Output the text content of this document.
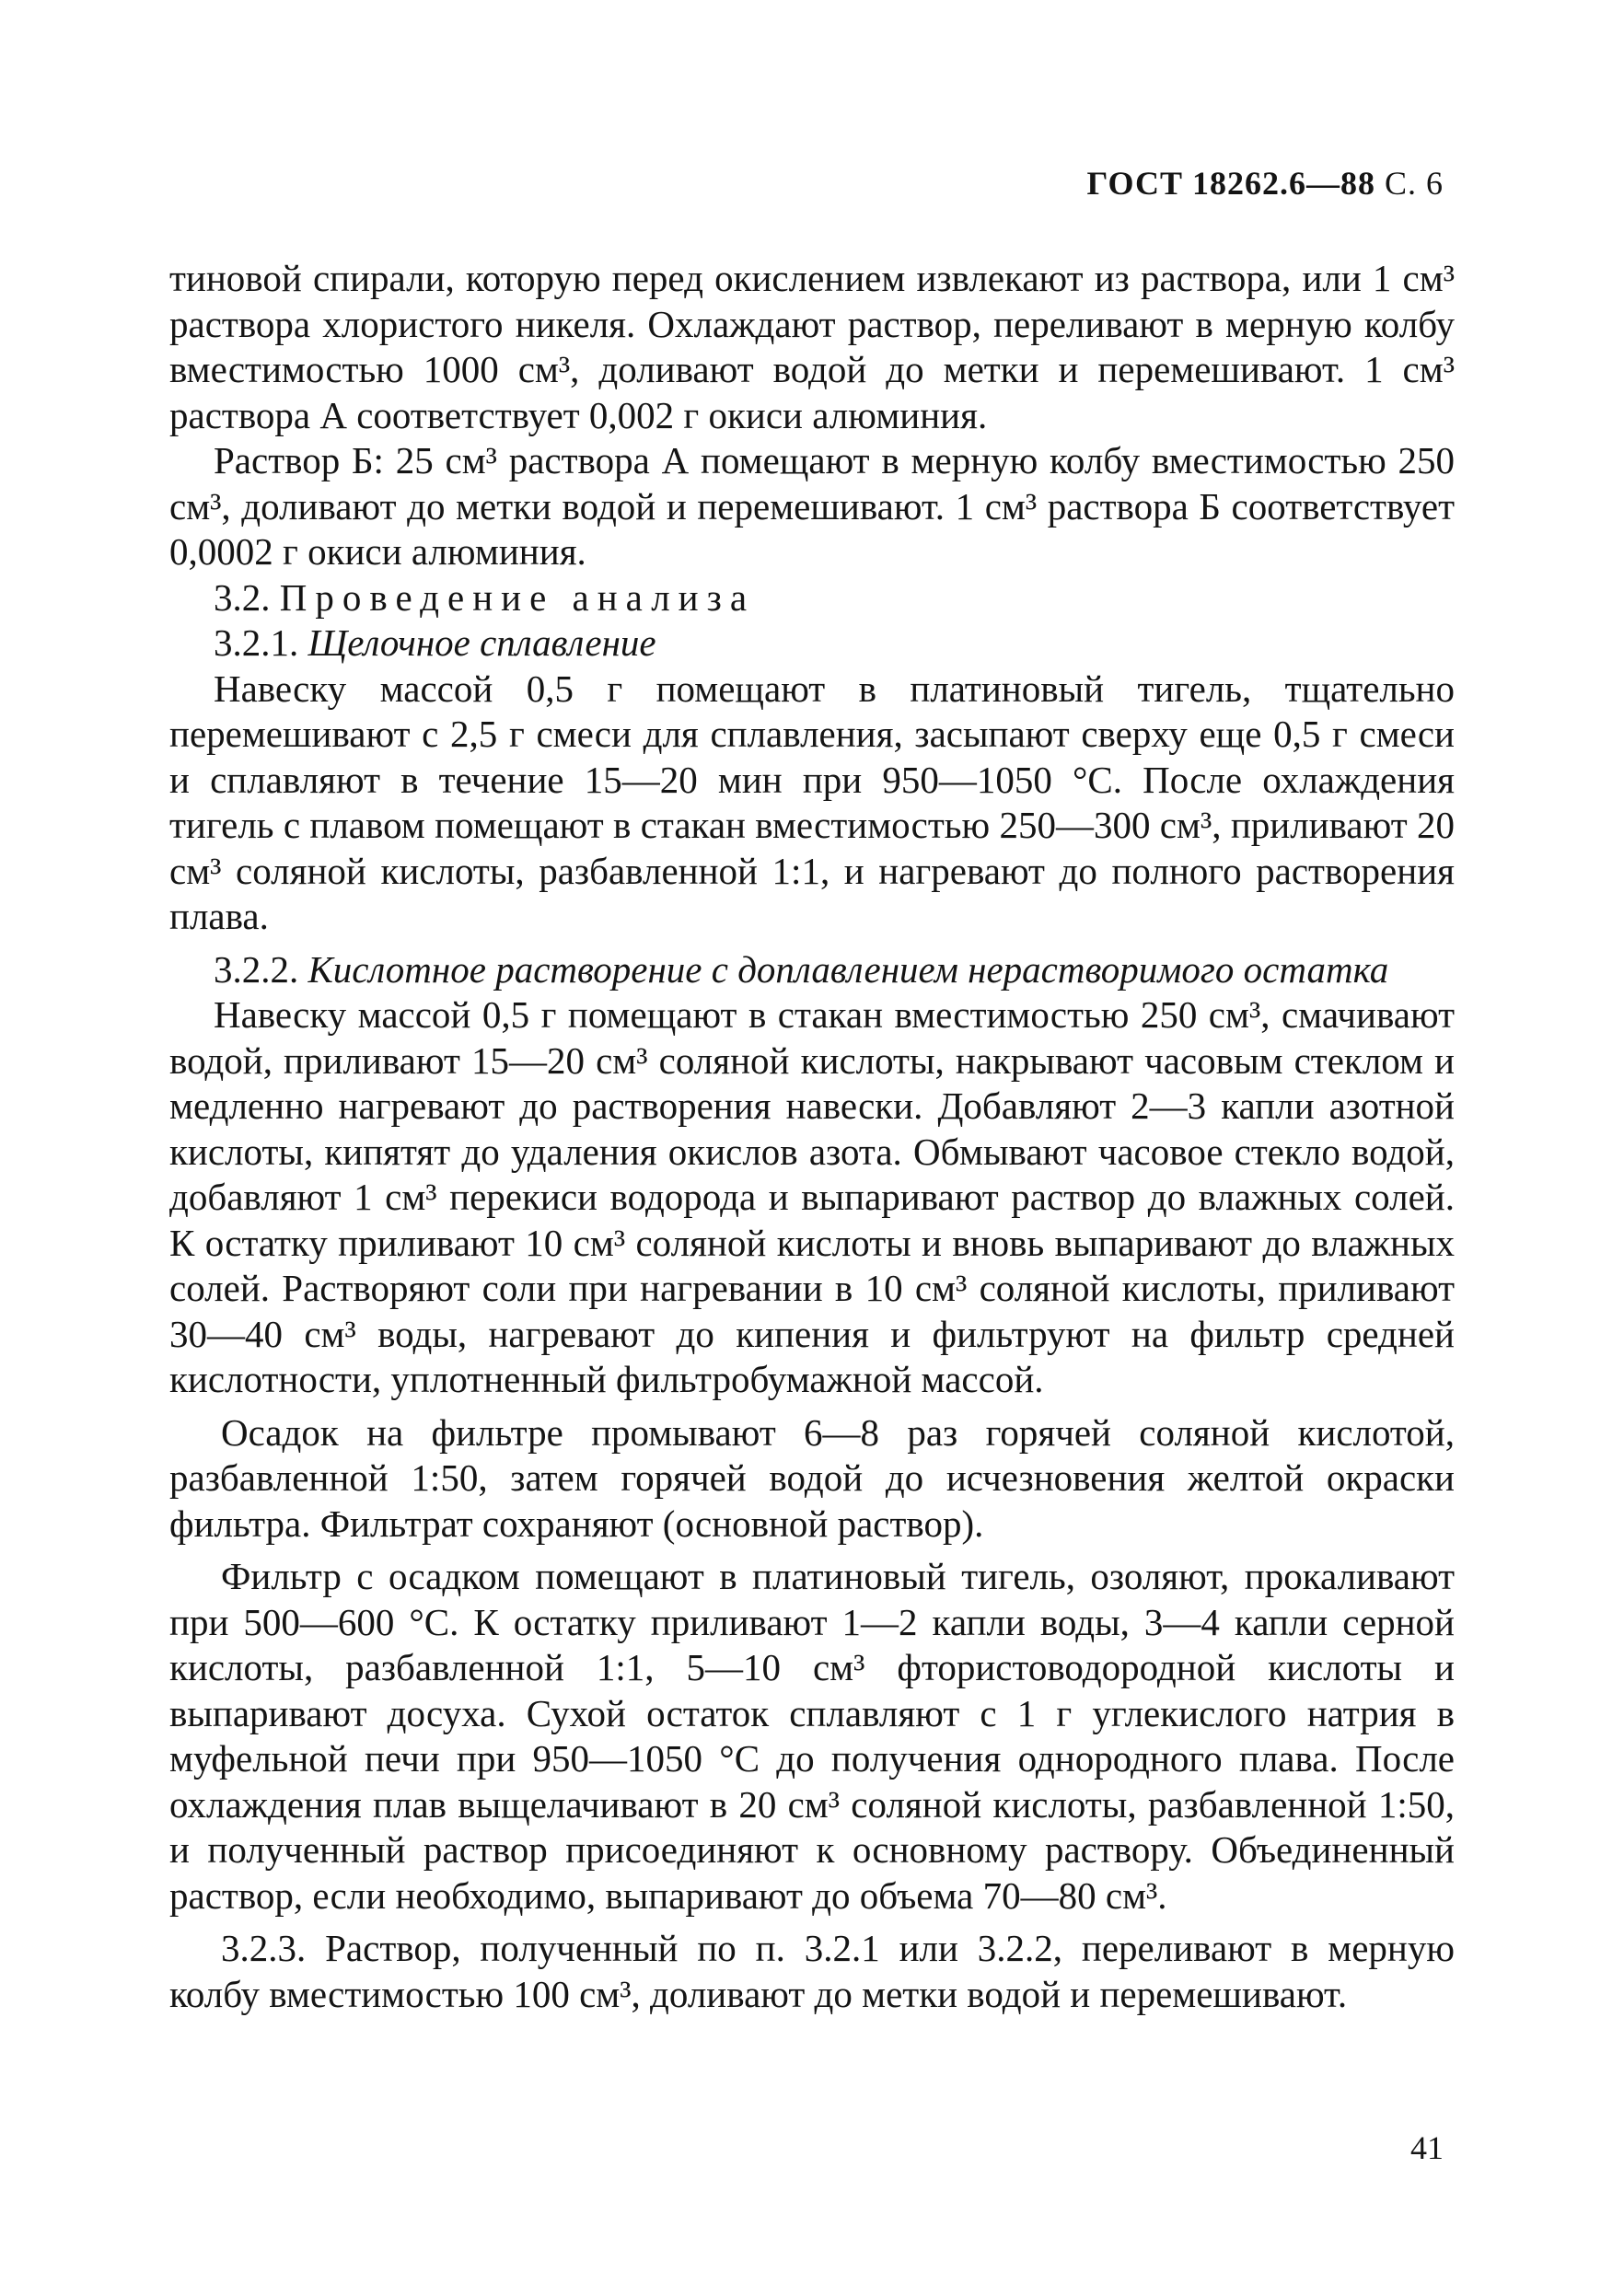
ГОСТ 18262.6—88 С. 6

тиновой спирали, которую перед окислением извлекают из раствора, или 1 см³ раствора хлористого никеля. Охлаждают раствор, переливают в мерную колбу вместимостью 1000 см³, доливают водой до метки и перемешивают. 1 см³ раствора А соответствует 0,002 г окиси алюминия.

Раствор Б: 25 см³ раствора А помещают в мерную колбу вместимостью 250 см³, доливают до метки водой и перемешивают. 1 см³ раствора Б соответствует 0,0002 г окиси алюминия.

3.2. Проведение анализа

3.2.1. Щелочное сплавление

Навеску массой 0,5 г помещают в платиновый тигель, тщательно перемешивают с 2,5 г смеси для сплавления, засыпают сверху еще 0,5 г смеси и сплавляют в течение 15—20 мин при 950—1050 °С. После охлаждения тигель с плавом помещают в стакан вместимостью 250—300 см³, приливают 20 см³ соляной кислоты, разбавленной 1:1, и нагревают до полного растворения плава.

3.2.2. Кислотное растворение с доплавлением нерастворимого остатка

Навеску массой 0,5 г помещают в стакан вместимостью 250 см³, смачивают водой, приливают 15—20 см³ соляной кислоты, накрывают часовым стеклом и медленно нагревают до растворения навески. Добавляют 2—3 капли азотной кислоты, кипятят до удаления окислов азота. Обмывают часовое стекло водой, добавляют 1 см³ перекиси водорода и выпаривают раствор до влажных солей. К остатку приливают 10 см³ соляной кислоты и вновь выпаривают до влажных солей. Растворяют соли при нагревании в 10 см³ соляной кислоты, приливают 30—40 см³ воды, нагревают до кипения и фильтруют на фильтр средней кислотности, уплотненный фильтробумажной массой.

Осадок на фильтре промывают 6—8 раз горячей соляной кислотой, разбавленной 1:50, затем горячей водой до исчезновения желтой окраски фильтра. Фильтрат сохраняют (основной раствор).

Фильтр с осадком помещают в платиновый тигель, озоляют, прокаливают при 500—600 °С. К остатку приливают 1—2 капли воды, 3—4 капли серной кислоты, разбавленной 1:1, 5—10 см³ фтористоводородной кислоты и выпаривают досуха. Сухой остаток сплавляют с 1 г углекислого натрия в муфельной печи при 950—1050 °С до получения однородного плава. После охлаждения плав выщелачивают в 20 см³ соляной кислоты, разбавленной 1:50, и полученный раствор присоединяют к основному раствору. Объединенный раствор, если необходимо, выпаривают до объема 70—80 см³.

3.2.3. Раствор, полученный по п. 3.2.1 или 3.2.2, переливают в мерную колбу вместимостью 100 см³, доливают до метки водой и перемешивают.

41
